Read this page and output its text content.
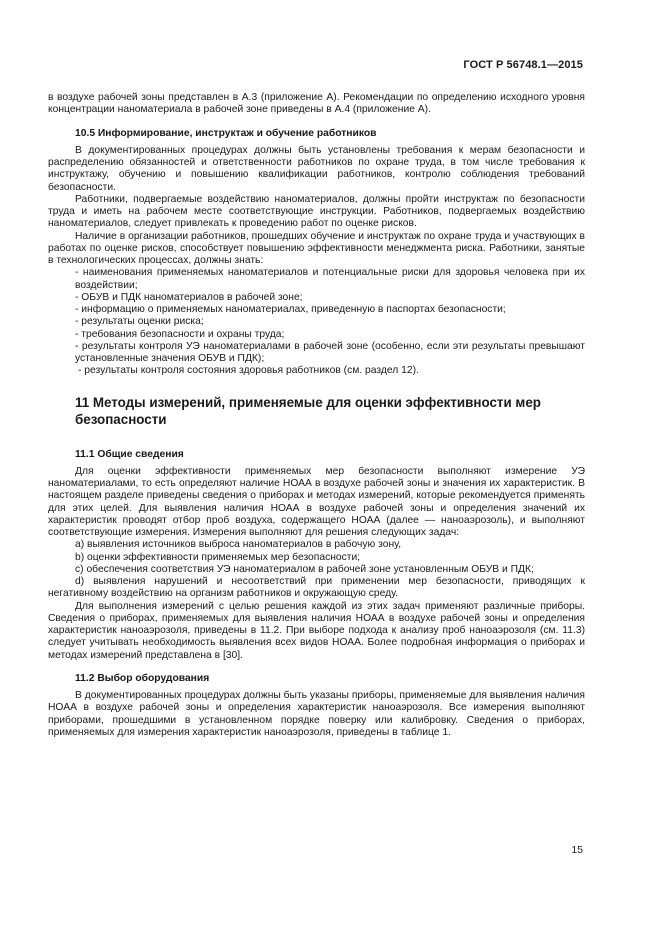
ГОСТ Р 56748.1—2015

в воздухе рабочей зоны представлен в А.3 (приложение А). Рекомендации по определению исходного уровня концентрации наноматериала в рабочей зоне приведены в А.4 (приложение А).

10.5 Информирование, инструктаж и обучение работников

В документированных процедурах должны быть установлены требования к мерам безопасности и распределению обязанностей и ответственности работников по охране труда, в том числе требования к инструктажу, обучению и повышению квалификации работников, контролю соблюдения требований безопасности.

Работники, подвергаемые воздействию наноматериалов, должны пройти инструктаж по безопасности труда и иметь на рабочем месте соответствующие инструкции. Работников, подвергаемых воздействию наноматериалов, следует привлекать к проведению работ по оценке рисков.

Наличие в организации работников, прошедших обучение и инструктаж по охране труда и участвующих в работах по оценке рисков, способствует повышению эффективности менеджмента риска. Работники, занятые в технологических процессах, должны знать:

- наименования применяемых наноматериалов и потенциальные риски для здоровья человека при их воздействии;

- ОБУВ и ПДК наноматериалов в рабочей зоне;

- информацию о применяемых наноматериалах, приведенную в паспортах безопасности;

- результаты оценки риска;

- требования безопасности и охраны труда;

- результаты контроля УЭ наноматериалами в рабочей зоне (особенно, если эти результаты превышают установленные значения ОБУВ и ПДК);

- результаты контроля состояния здоровья работников (см. раздел 12).

11 Методы измерений, применяемые для оценки эффективности мер безопасности
11.1 Общие сведения

Для оценки эффективности применяемых мер безопасности выполняют измерение УЭ наноматериалами, то есть определяют наличие НОАА в воздухе рабочей зоны и значения их характеристик. В настоящем разделе приведены сведения о приборах и методах измерений, которые рекомендуется применять для этих целей. Для выявления наличия НОАА в воздухе рабочей зоны и определения значений их характеристик проводят отбор проб воздуха, содержащего НОАА (далее — наноаэрозоль), и выполняют соответствующие измерения. Измерения выполняют для решения следующих задач:

a) выявления источников выброса наноматериалов в рабочую зону,

b) оценки эффективности применяемых мер безопасности;

c) обеспечения соответствия УЭ наноматериалом в рабочей зоне установленным ОБУВ и ПДК;

d) выявления нарушений и несоответствий при применении мер безопасности, приводящих к негативному воздействию на организм работников и окружающую среду.

Для выполнения измерений с целью решения каждой из этих задач применяют различные приборы. Сведения о приборах, применяемых для выявления наличия НОАА в воздухе рабочей зоны и определения характеристик наноаэрозоля, приведены в 11.2. При выборе подхода к анализу проб наноаэрозоля (см. 11.3) следует учитывать необходимость выявления всех видов НОАА. Более подробная информация о приборах и методах измерений представлена в [30].

11.2 Выбор оборудования

В документированных процедурах должны быть указаны приборы, применяемые для выявления наличия НОАА в воздухе рабочей зоны и определения характеристик наноаэрозоля. Все измерения выполняют приборами, прошедшими в установленном порядке поверку или калибровку. Сведения о приборах, применяемых для измерения характеристик наноаэрозоля, приведены в таблице 1.

15
